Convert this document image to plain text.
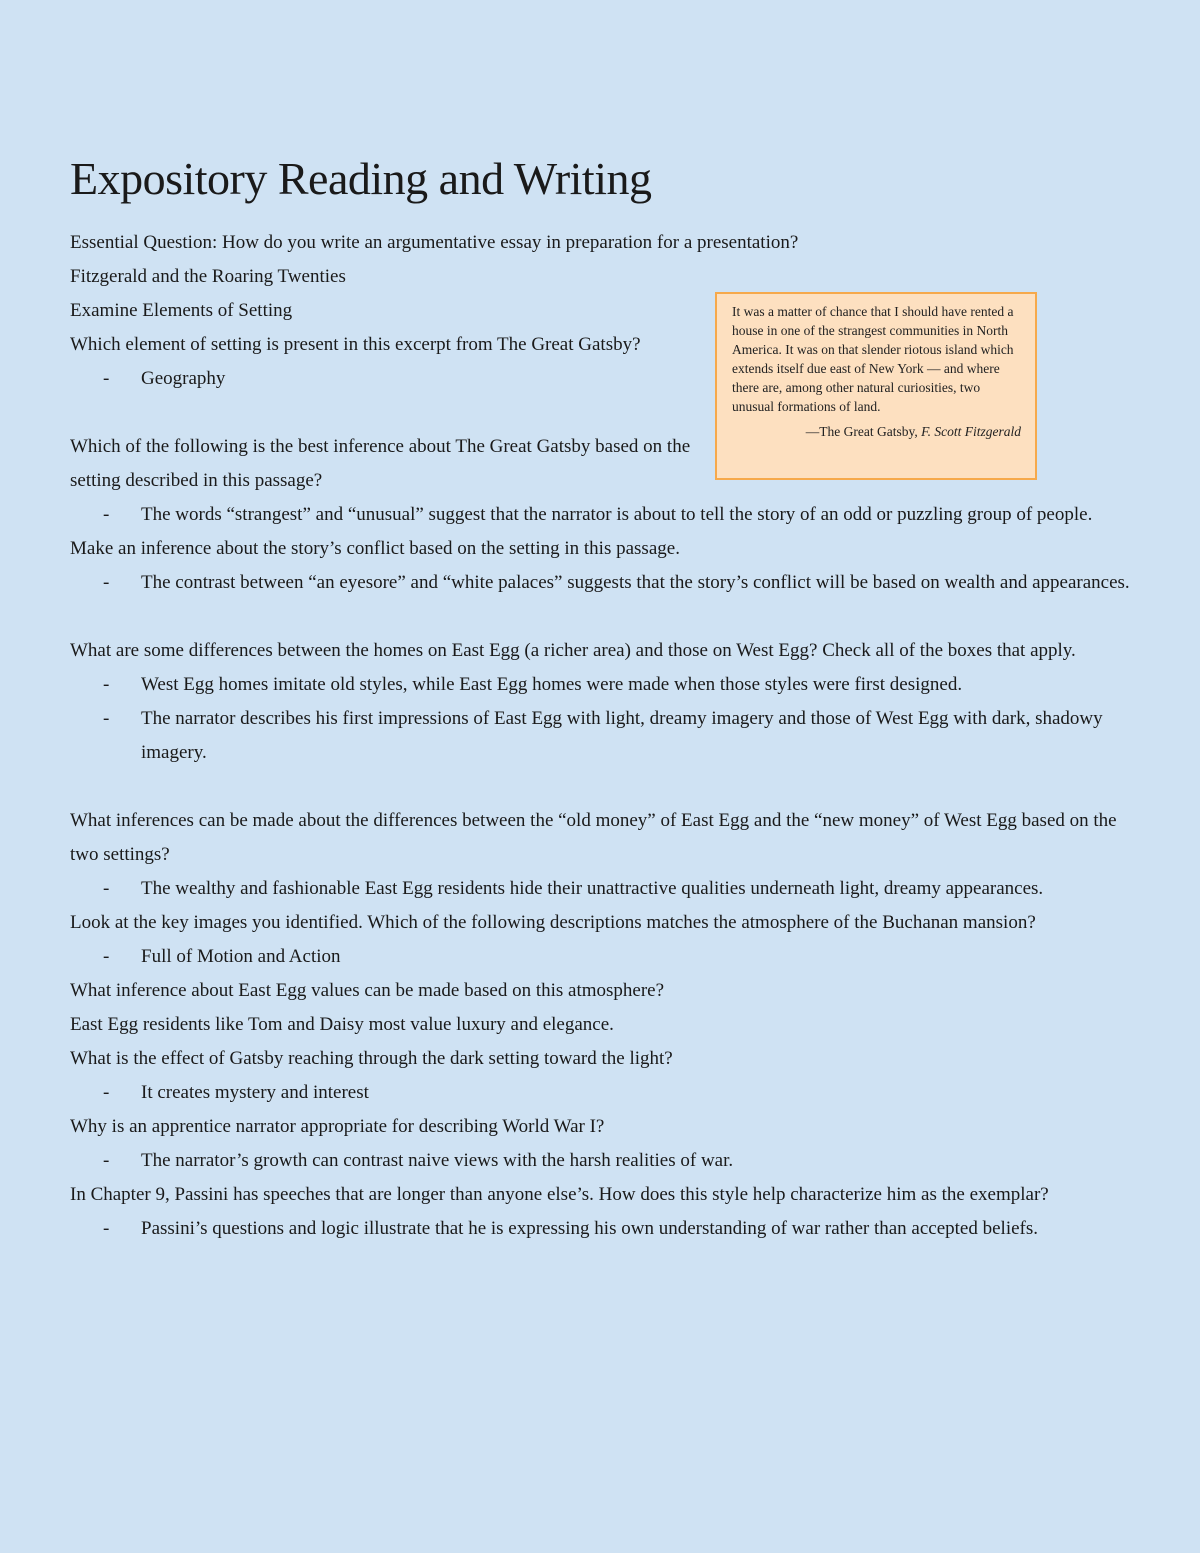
Expository Reading and Writing

Essential Question: How do you write an argumentative essay in preparation for a presentation?

Fitzgerald and the Roaring Twenties

Examine Elements of Setting

Which element of setting is present in this excerpt from The Great Gatsby?

- Geography

Which of the following is the best inference about The Great Gatsby based on the setting described in this passage?

- The words “strangest” and “unusual” suggest that the narrator is about to tell the story of an odd or puzzling group of people.

Make an inference about the story’s conflict based on the setting in this passage.

- The contrast between “an eyesore” and “white palaces” suggests that the story’s conflict will be based on wealth and appearances.

What are some differences between the homes on East Egg (a richer area) and those on West Egg? Check all of the boxes that apply.

- West Egg homes imitate old styles, while East Egg homes were made when those styles were first designed.
- The narrator describes his first impressions of East Egg with light, dreamy imagery and those of West Egg with dark, shadowy imagery.

What inferences can be made about the differences between the “old money” of East Egg and the “new money” of West Egg based on the two settings?

- The wealthy and fashionable East Egg residents hide their unattractive qualities underneath light, dreamy appearances.

Look at the key images you identified. Which of the following descriptions matches the atmosphere of the Buchanan mansion?

- Full of Motion and Action

What inference about East Egg values can be made based on this atmosphere?

East Egg residents like Tom and Daisy most value luxury and elegance.

What is the effect of Gatsby reaching through the dark setting toward the light?

- It creates mystery and interest

Why is an apprentice narrator appropriate for describing World War I?

- The narrator’s growth can contrast naive views with the harsh realities of war.

In Chapter 9, Passini has speeches that are longer than anyone else’s. How does this style help characterize him as the exemplar?

- Passini’s questions and logic illustrate that he is expressing his own understanding of war rather than accepted beliefs.
It was a matter of chance that I should have rented a house in one of the strangest communities in North America. It was on that slender riotous island which extends itself due east of New York — and where there are, among other natural curiosities, two unusual formations of land.
—The Great Gatsby, F. Scott Fitzgerald
